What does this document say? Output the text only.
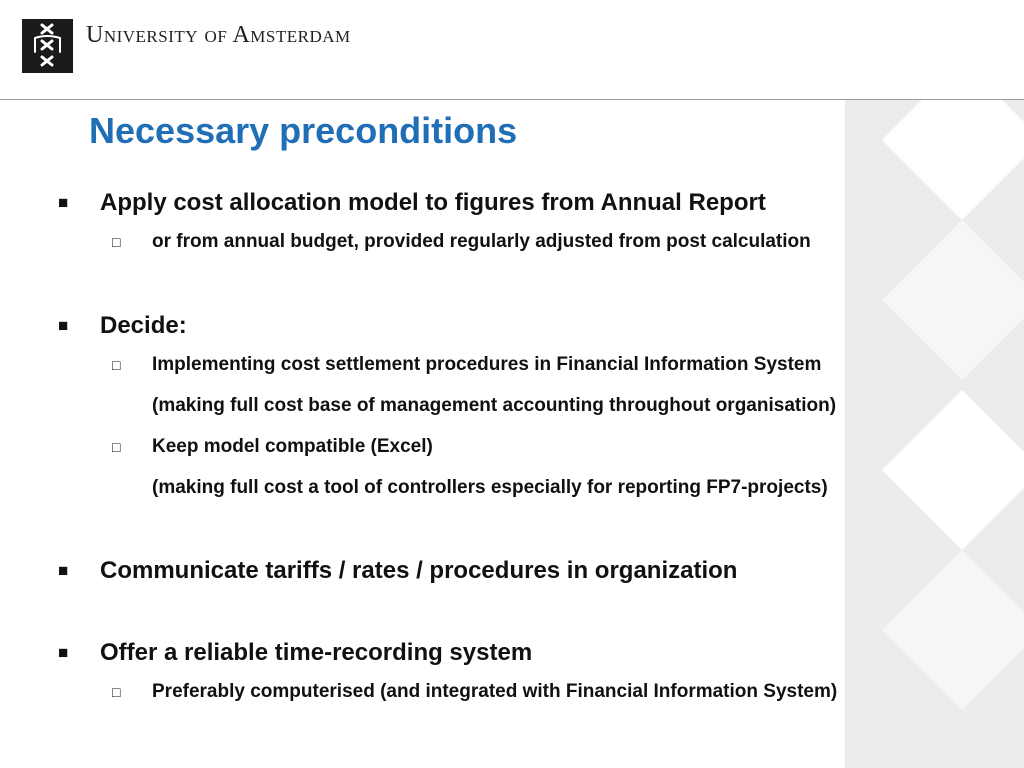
University of Amsterdam
Necessary preconditions
■ Apply cost allocation model to figures from Annual Report
□ or from annual budget, provided regularly adjusted from post calculation
■ Decide:
□ Implementing cost settlement procedures in Financial Information System
(making full cost base of management accounting throughout organisation)
□ Keep model compatible (Excel)
(making full cost a tool of controllers especially for reporting FP7-projects)
■ Communicate tariffs / rates / procedures in organization
■ Offer a reliable time-recording system
□ Preferably computerised (and integrated with Financial Information System)
